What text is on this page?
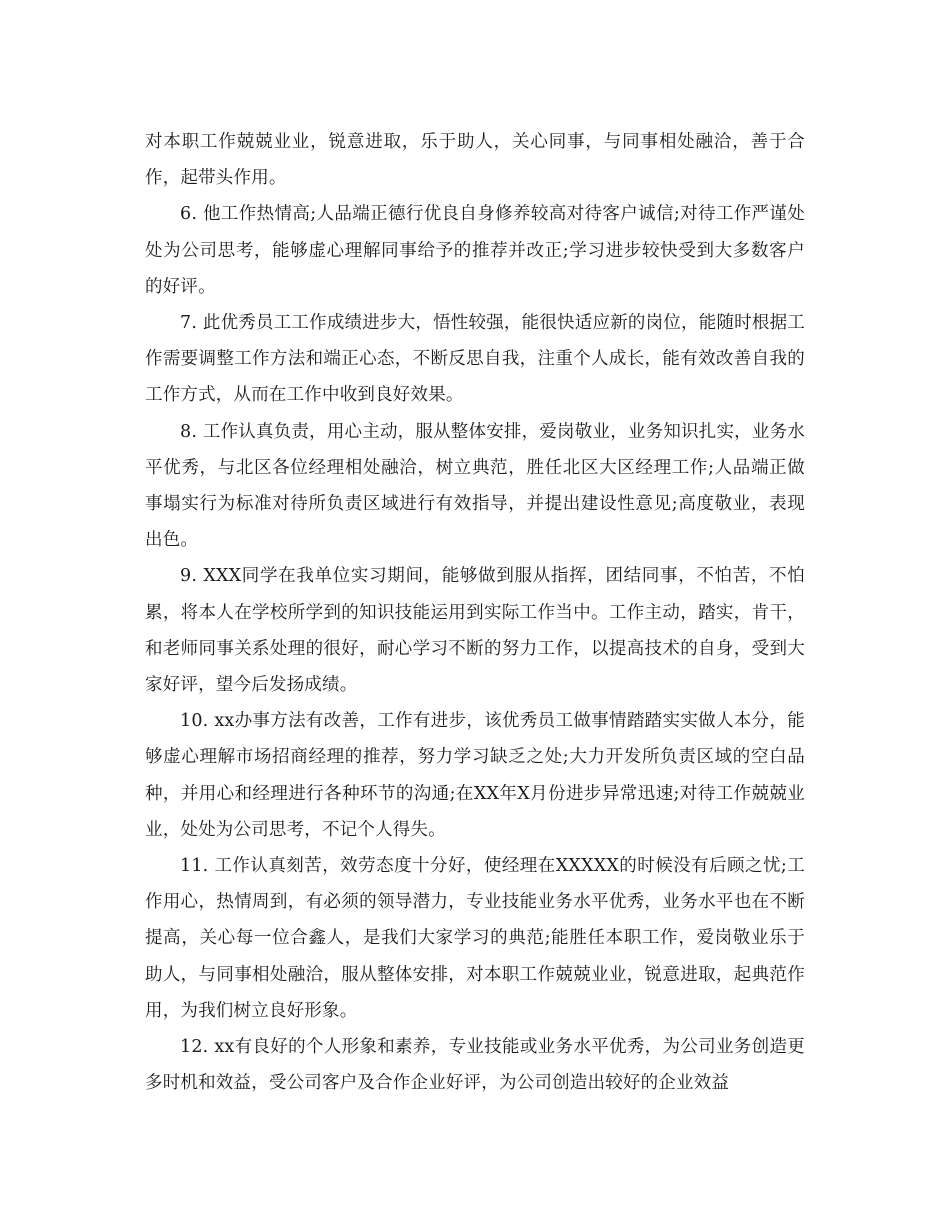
对本职工作兢兢业业，锐意进取，乐于助人，关心同事，与同事相处融洽，善于合作，起带头作用。

6. 他工作热情高;人品端正德行优良自身修养较高对待客户诚信;对待工作严谨处处为公司思考，能够虚心理解同事给予的推荐并改正;学习进步较快受到大多数客户的好评。

7. 此优秀员工工作成绩进步大，悟性较强，能很快适应新的岗位，能随时根据工作需要调整工作方法和端正心态，不断反思自我，注重个人成长，能有效改善自我的工作方式，从而在工作中收到良好效果。

8. 工作认真负责，用心主动，服从整体安排，爱岗敬业，业务知识扎实，业务水平优秀，与北区各位经理相处融洽，树立典范，胜任北区大区经理工作;人品端正做事塌实行为标准对待所负责区域进行有效指导，并提出建设性意见;高度敬业，表现出色。

9. XXX同学在我单位实习期间，能够做到服从指挥，团结同事，不怕苦，不怕累，将本人在学校所学到的知识技能运用到实际工作当中。工作主动，踏实，肯干，和老师同事关系处理的很好，耐心学习不断的努力工作，以提高技术的自身，受到大家好评，望今后发扬成绩。

10. xx办事方法有改善，工作有进步，该优秀员工做事情踏踏实实做人本分，能够虚心理解市场招商经理的推荐，努力学习缺乏之处;大力开发所负责区域的空白品种，并用心和经理进行各种环节的沟通;在XX年X月份进步异常迅速;对待工作兢兢业业，处处为公司思考，不记个人得失。

11. 工作认真刻苦，效劳态度十分好，使经理在XXXXX的时候没有后顾之忧;工作用心，热情周到，有必须的领导潜力，专业技能业务水平优秀，业务水平也在不断提高，关心每一位合鑫人，是我们大家学习的典范;能胜任本职工作，爱岗敬业乐于助人，与同事相处融洽，服从整体安排，对本职工作兢兢业业，锐意进取，起典范作用，为我们树立良好形象。

12. xx有良好的个人形象和素养，专业技能或业务水平优秀，为公司业务创造更多时机和效益，受公司客户及合作企业好评，为公司创造出较好的企业效益
